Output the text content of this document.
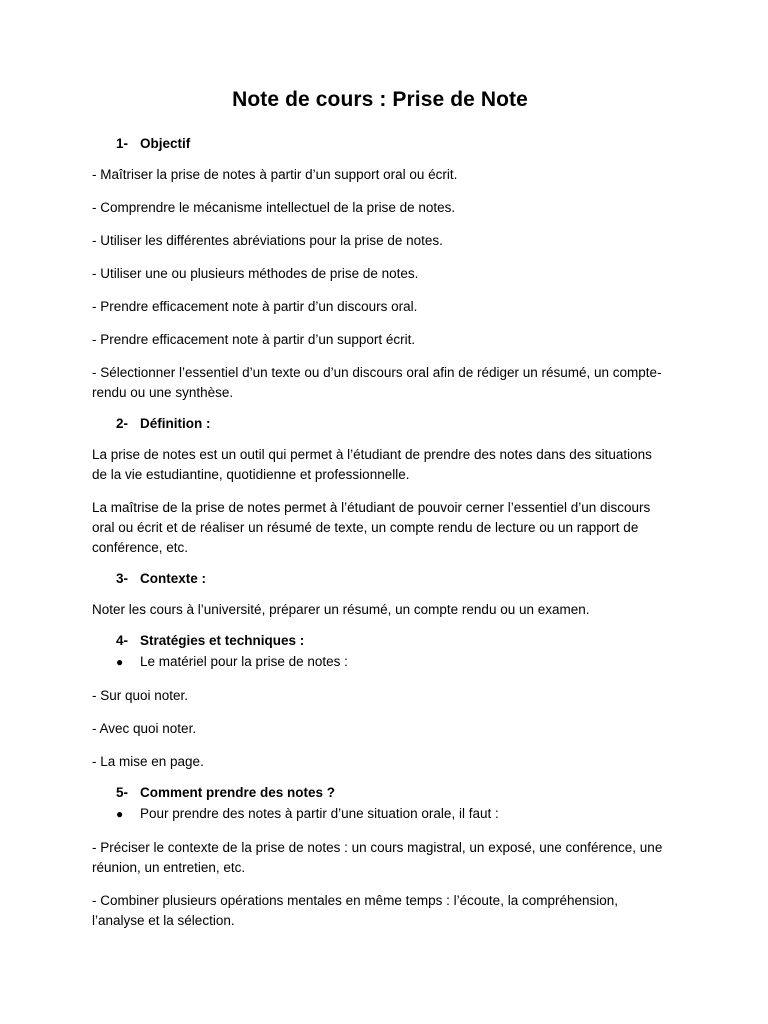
Note de cours : Prise de Note
1- Objectif

- Maîtriser la prise de notes à partir d’un support oral ou écrit.

- Comprendre le mécanisme intellectuel de la prise de notes.

- Utiliser les différentes abréviations pour la prise de notes.

- Utiliser une ou plusieurs méthodes de prise de notes.

- Prendre efficacement note à partir d’un discours oral.

- Prendre efficacement note à partir d’un support écrit.

- Sélectionner l’essentiel d’un texte ou d’un discours oral afin de rédiger un résumé, un compte-rendu ou une synthèse.

2- Définition :

La prise de notes est un outil qui permet à l’étudiant de prendre des notes dans des situations de la vie estudiantine, quotidienne et professionnelle.

La maîtrise de la prise de notes permet à l’étudiant de pouvoir cerner l’essentiel d’un discours oral ou écrit et de réaliser un résumé de texte, un compte rendu de lecture ou un rapport de conférence, etc.

3- Contexte :

Noter les cours à l’université, préparer un résumé, un compte rendu ou un examen.

4- Stratégies et techniques :
●	Le matériel pour la prise de notes :

- Sur quoi noter.

- Avec quoi noter.

- La mise en page.

5- Comment prendre des notes ?
●	Pour prendre des notes à partir d’une situation orale, il faut :

- Préciser le contexte de la prise de notes : un cours magistral, un exposé, une conférence, une réunion, un entretien, etc.

- Combiner plusieurs opérations mentales en même temps : l’écoute, la compréhension, l’analyse et la sélection.
